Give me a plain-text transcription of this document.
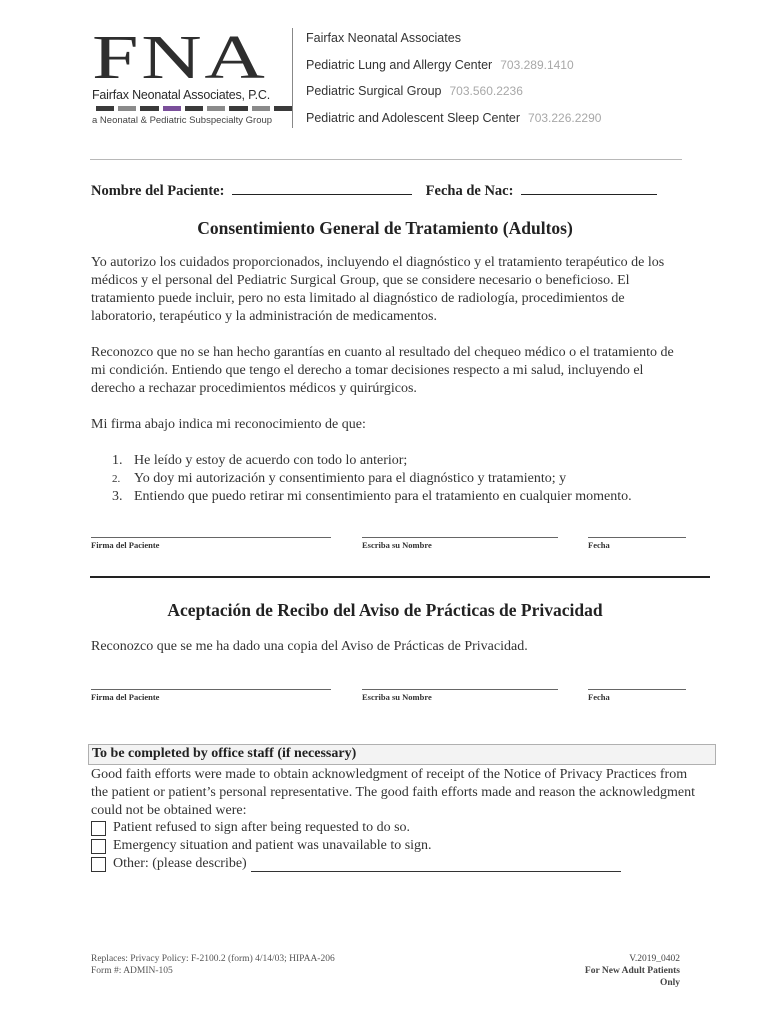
FNA
Fairfax Neonatal Associates, P.C.
a Neonatal & Pediatric Subspecialty Group
Fairfax Neonatal Associates
Pediatric Lung and Allergy Center 703.289.1410
Pediatric Surgical Group 703.560.2236
Pediatric and Adolescent Sleep Center 703.226.2290
Nombre del Paciente:	Fecha de Nac:
Consentimiento General de Tratamiento (Adultos)
Yo autorizo los cuidados proporcionados, incluyendo el diagnóstico y el tratamiento terapéutico de los médicos y el personal del Pediatric Surgical Group, que se considere necesario o beneficioso. El tratamiento puede incluir, pero no esta limitado al diagnóstico de radiología, procedimientos de laboratorio, terapéutico y la administración de medicamentos.
Reconozco que no se han hecho garantías en cuanto al resultado del chequeo médico o el tratamiento de mi condición. Entiendo que tengo el derecho a tomar decisiones respecto a mi salud, incluyendo el derecho a rechazar procedimientos médicos y quirúrgicos.
Mi firma abajo indica mi reconocimiento de que:
1. He leído y estoy de acuerdo con todo lo anterior;
2. Yo doy mi autorización y consentimiento para el diagnóstico y tratamiento; y
3. Entiendo que puedo retirar mi consentimiento para el tratamiento en cualquier momento.
Firma del Paciente	Escriba su Nombre	Fecha
Aceptación de Recibo del Aviso de Prácticas de Privacidad
Reconozco que se me ha dado una copia del Aviso de Prácticas de Privacidad.
Firma del Paciente	Escriba su Nombre	Fecha
To be completed by office staff (if necessary)
Good faith efforts were made to obtain acknowledgment of receipt of the Notice of Privacy Practices from the patient or patient’s personal representative. The good faith efforts made and reason the acknowledgment could not be obtained were:
Patient refused to sign after being requested to do so.
Emergency situation and patient was unavailable to sign.
Other: (please describe)
Replaces: Privacy Policy: F-2100.2 (form) 4/14/03; HIPAA-206
Form #: ADMIN-105
V.2019_0402
For New Adult Patients
Only
